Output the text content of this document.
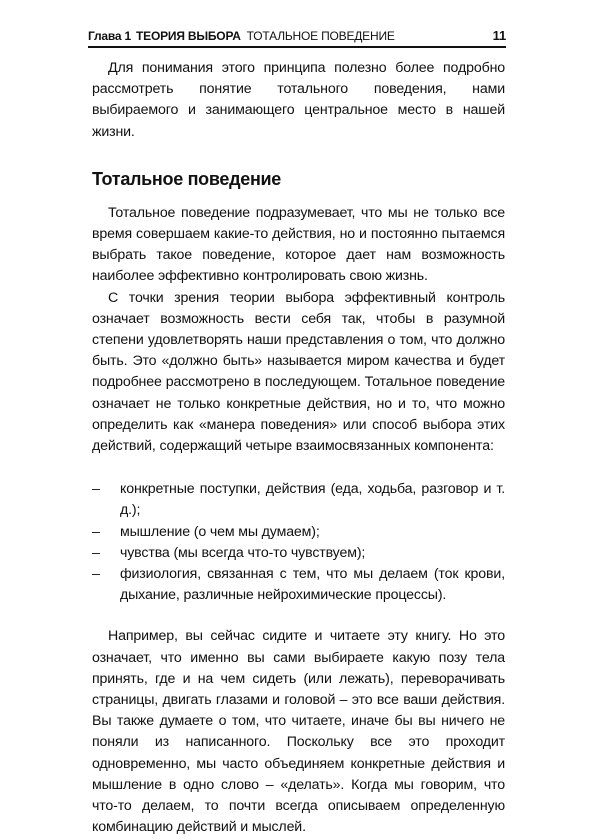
Глава 1 ТЕОРИЯ ВЫБОРА ТОТАЛЬНОЕ ПОВЕДЕНИЕ	11

Для понимания этого принципа полезно более подробно рассмотреть понятие тотального поведения, нами выбираемого и занимающего центральное место в нашей жизни.

Тотальное поведение

Тотальное поведение подразумевает, что мы не только все время совершаем какие-то действия, но и постоянно пытаемся выбрать такое поведение, которое дает нам возможность наиболее эффективно контролировать свою жизнь.

С точки зрения теории выбора эффективный контроль означает возможность вести себя так, чтобы в разумной степени удовлетворять наши представления о том, что должно быть. Это «должно быть» называется миром качества и будет подробнее рассмотрено в последующем. Тотальное поведение означает не только конкретные действия, но и то, что можно определить как «манера поведения» или способ выбора этих действий, содержащий четыре взаимосвязанных компонента:

– конкретные поступки, действия (еда, ходьба, разговор и т. д.);
– мышление (о чем мы думаем);
– чувства (мы всегда что-то чувствуем);
– физиология, связанная с тем, что мы делаем (ток крови, дыхание, различные нейрохимические процессы).

Например, вы сейчас сидите и читаете эту книгу. Но это означает, что именно вы сами выбираете какую позу тела принять, где и на чем сидеть (или лежать), переворачивать страницы, двигать глазами и головой – это все ваши действия. Вы также думаете о том, что читаете, иначе бы вы ничего не поняли из написанного. Поскольку все это проходит одновременно, мы часто объединяем конкретные действия и мышление в одно слово – «делать». Когда мы говорим, что что-то делаем, то почти всегда описываем определенную комбинацию действий и мыслей.
